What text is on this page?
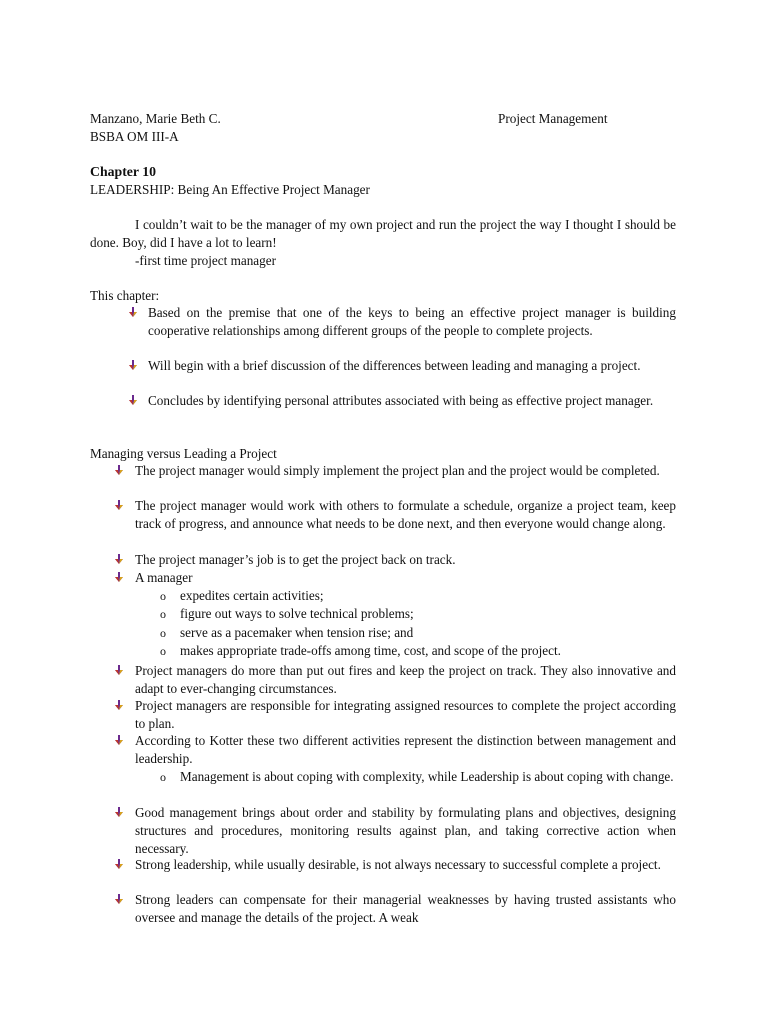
Manzano, Marie Beth C.	Project Management
BSBA OM III-A
Chapter 10
LEADERSHIP: Being An Effective Project Manager
I couldn’t wait to be the manager of my own project and run the project the way I thought I should be done. Boy, did I have a lot to learn!
-first time project manager
This chapter:
Based on the premise that one of the keys to being an effective project manager is building cooperative relationships among different groups of the people to complete projects.
Will begin with a brief discussion of the differences between leading and managing a project.
Concludes by identifying personal attributes associated with being as effective project manager.
Managing versus Leading a Project
The project manager would simply implement the project plan and the project would be completed.
The project manager would work with others to formulate a schedule, organize a project team, keep track of progress, and announce what needs to be done next, and then everyone would change along.
The project manager’s job is to get the project back on track.
A manager
o	expedites certain activities;
o	figure out ways to solve technical problems;
o	serve as a pacemaker when tension rise; and
o	makes appropriate trade-offs among time, cost, and scope of the project.
Project managers do more than put out fires and keep the project on track. They also innovative and adapt to ever-changing circumstances.
Project managers are responsible for integrating assigned resources to complete the project according to plan.
According to Kotter these two different activities represent the distinction between management and leadership.
o	Management is about coping with complexity, while Leadership is about coping with change.
Good management brings about order and stability by formulating plans and objectives, designing structures and procedures, monitoring results against plan, and taking corrective action when necessary.
Strong leadership, while usually desirable, is not always necessary to successful complete a project.
Strong leaders can compensate for their managerial weaknesses by having trusted assistants who oversee and manage the details of the project. A weak
